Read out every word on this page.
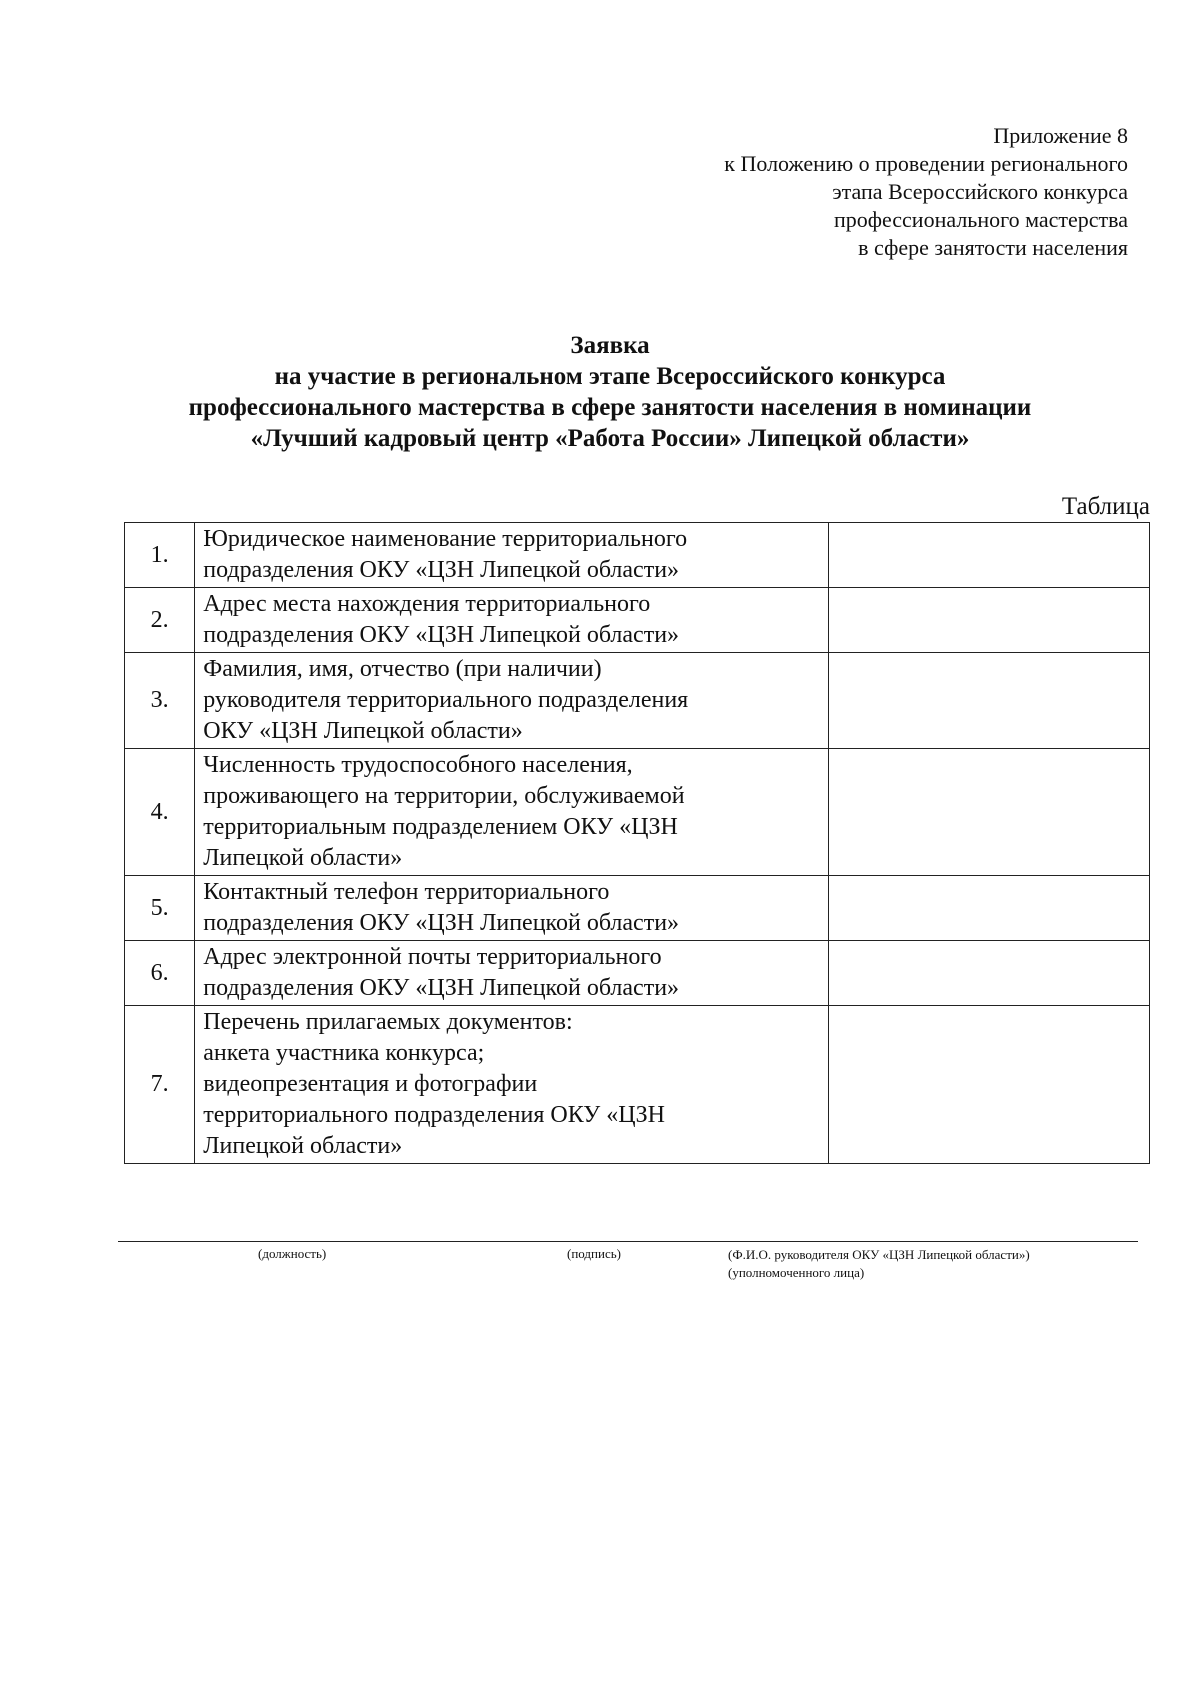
Приложение 8
к Положению о проведении регионального
этапа Всероссийского конкурса
профессионального мастерства
в сфере занятости населения
Заявка
на участие в региональном этапе Всероссийского конкурса
профессионального мастерства в сфере занятости населения в номинации
«Лучший кадровый центр «Работа России» Липецкой области»
Таблица
1.	Юридическое наименование территориального
подразделения ОКУ «ЦЗН Липецкой области»	

2.	Адрес места нахождения территориального
подразделения ОКУ «ЦЗН Липецкой области»	

3.	Фамилия, имя, отчество (при наличии)
руководителя территориального подразделения
ОКУ «ЦЗН Липецкой области»	

4.	Численность трудоспособного населения,
проживающего на территории, обслуживаемой
территориальным подразделением ОКУ «ЦЗН
Липецкой области»	

5.	Контактный телефон территориального
подразделения ОКУ «ЦЗН Липецкой области»	

6.	Адрес электронной почты территориального
подразделения ОКУ «ЦЗН Липецкой области»	

7.	Перечень прилагаемых документов:
анкета участника конкурса;
видеопрезентация и фотографии
территориального подразделения ОКУ «ЦЗН
Липецкой области»	

(должность)	(подпись)	(Ф.И.О. руководителя ОКУ «ЦЗН Липецкой области»)
(уполномоченного лица)
